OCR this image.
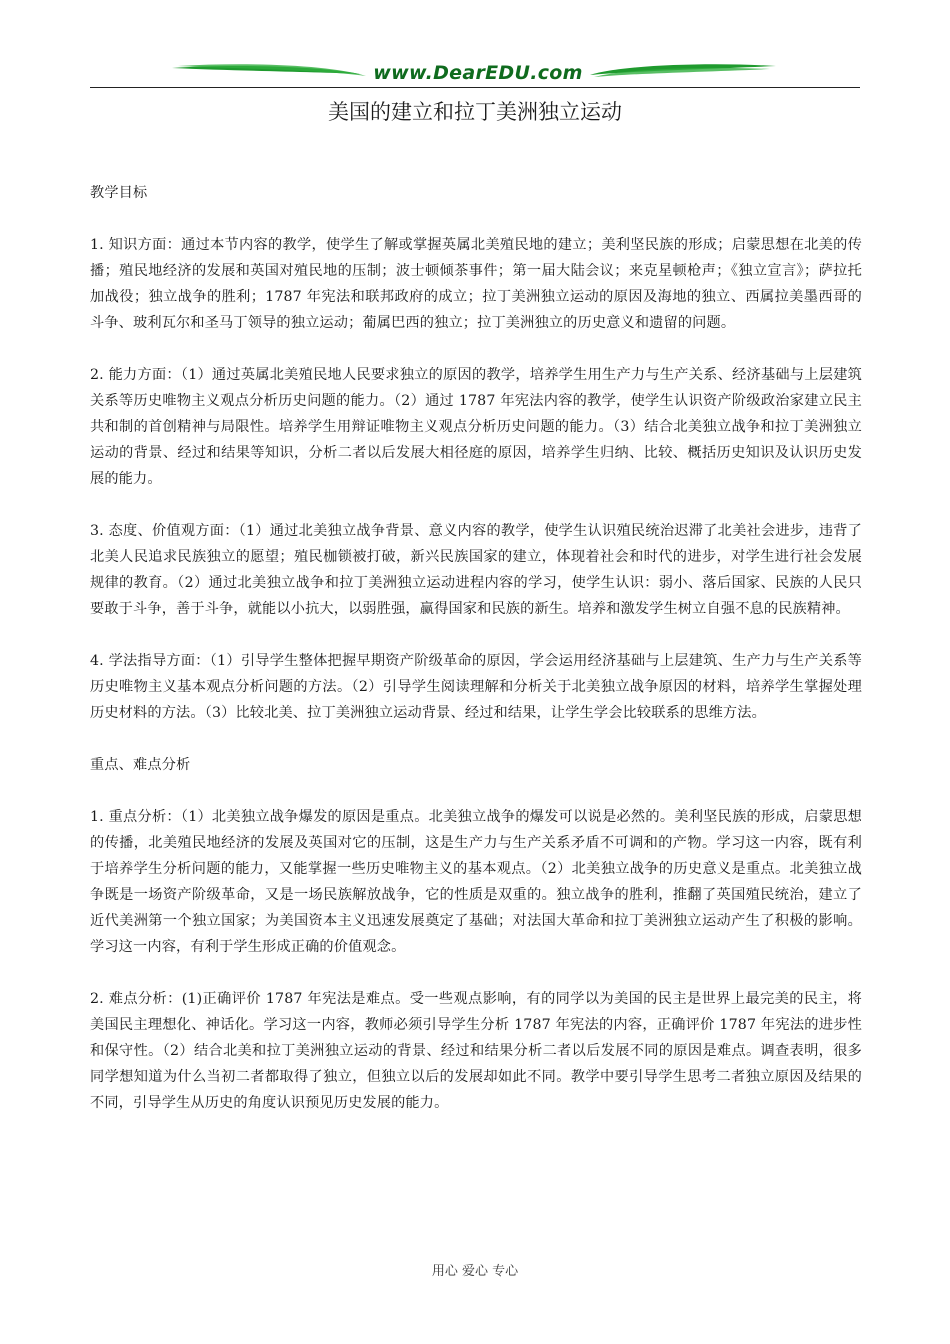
www.DearEDU.com
美国的建立和拉丁美洲独立运动

教学目标

1. 知识方面：通过本节内容的教学，使学生了解或掌握英属北美殖民地的建立；美利坚民族的形成；启蒙思想在北美的传播；殖民地经济的发展和英国对殖民地的压制；波士顿倾茶事件；第一届大陆会议；来克星顿枪声；《独立宣言》；萨拉托加战役；独立战争的胜利；1787 年宪法和联邦政府的成立；拉丁美洲独立运动的原因及海地的独立、西属拉美墨西哥的斗争、玻利瓦尔和圣马丁领导的独立运动；葡属巴西的独立；拉丁美洲独立的历史意义和遗留的问题。

2. 能力方面：（1）通过英属北美殖民地人民要求独立的原因的教学，培养学生用生产力与生产关系、经济基础与上层建筑关系等历史唯物主义观点分析历史问题的能力。（2）通过 1787 年宪法内容的教学，使学生认识资产阶级政治家建立民主共和制的首创精神与局限性。培养学生用辩证唯物主义观点分析历史问题的能力。（3）结合北美独立战争和拉丁美洲独立运动的背景、经过和结果等知识，分析二者以后发展大相径庭的原因，培养学生归纳、比较、概括历史知识及认识历史发展的能力。

3. 态度、价值观方面：（1）通过北美独立战争背景、意义内容的教学，使学生认识殖民统治迟滞了北美社会进步，违背了北美人民追求民族独立的愿望；殖民枷锁被打破，新兴民族国家的建立，体现着社会和时代的进步，对学生进行社会发展规律的教育。（2）通过北美独立战争和拉丁美洲独立运动进程内容的学习，使学生认识：弱小、落后国家、民族的人民只要敢于斗争，善于斗争，就能以小抗大，以弱胜强，赢得国家和民族的新生。培养和激发学生树立自强不息的民族精神。

4. 学法指导方面：（1）引导学生整体把握早期资产阶级革命的原因，学会运用经济基础与上层建筑、生产力与生产关系等历史唯物主义基本观点分析问题的方法。（2）引导学生阅读理解和分析关于北美独立战争原因的材料，培养学生掌握处理历史材料的方法。（3）比较北美、拉丁美洲独立运动背景、经过和结果，让学生学会比较联系的思维方法。

重点、难点分析

1. 重点分析：（1）北美独立战争爆发的原因是重点。北美独立战争的爆发可以说是必然的。美利坚民族的形成，启蒙思想的传播，北美殖民地经济的发展及英国对它的压制，这是生产力与生产关系矛盾不可调和的产物。学习这一内容，既有利于培养学生分析问题的能力，又能掌握一些历史唯物主义的基本观点。（2）北美独立战争的历史意义是重点。北美独立战争既是一场资产阶级革命，又是一场民族解放战争，它的性质是双重的。独立战争的胜利，推翻了英国殖民统治，建立了近代美洲第一个独立国家；为美国资本主义迅速发展奠定了基础；对法国大革命和拉丁美洲独立运动产生了积极的影响。学习这一内容，有利于学生形成正确的价值观念。

2. 难点分析：(1)正确评价 1787 年宪法是难点。受一些观点影响，有的同学以为美国的民主是世界上最完美的民主，将美国民主理想化、神话化。学习这一内容，教师必须引导学生分析 1787 年宪法的内容，正确评价 1787 年宪法的进步性和保守性。（2）结合北美和拉丁美洲独立运动的背景、经过和结果分析二者以后发展不同的原因是难点。调查表明，很多同学想知道为什么当初二者都取得了独立，但独立以后的发展却如此不同。教学中要引导学生思考二者独立原因及结果的不同，引导学生从历史的角度认识预见历史发展的能力。

用心 爱心 专心
